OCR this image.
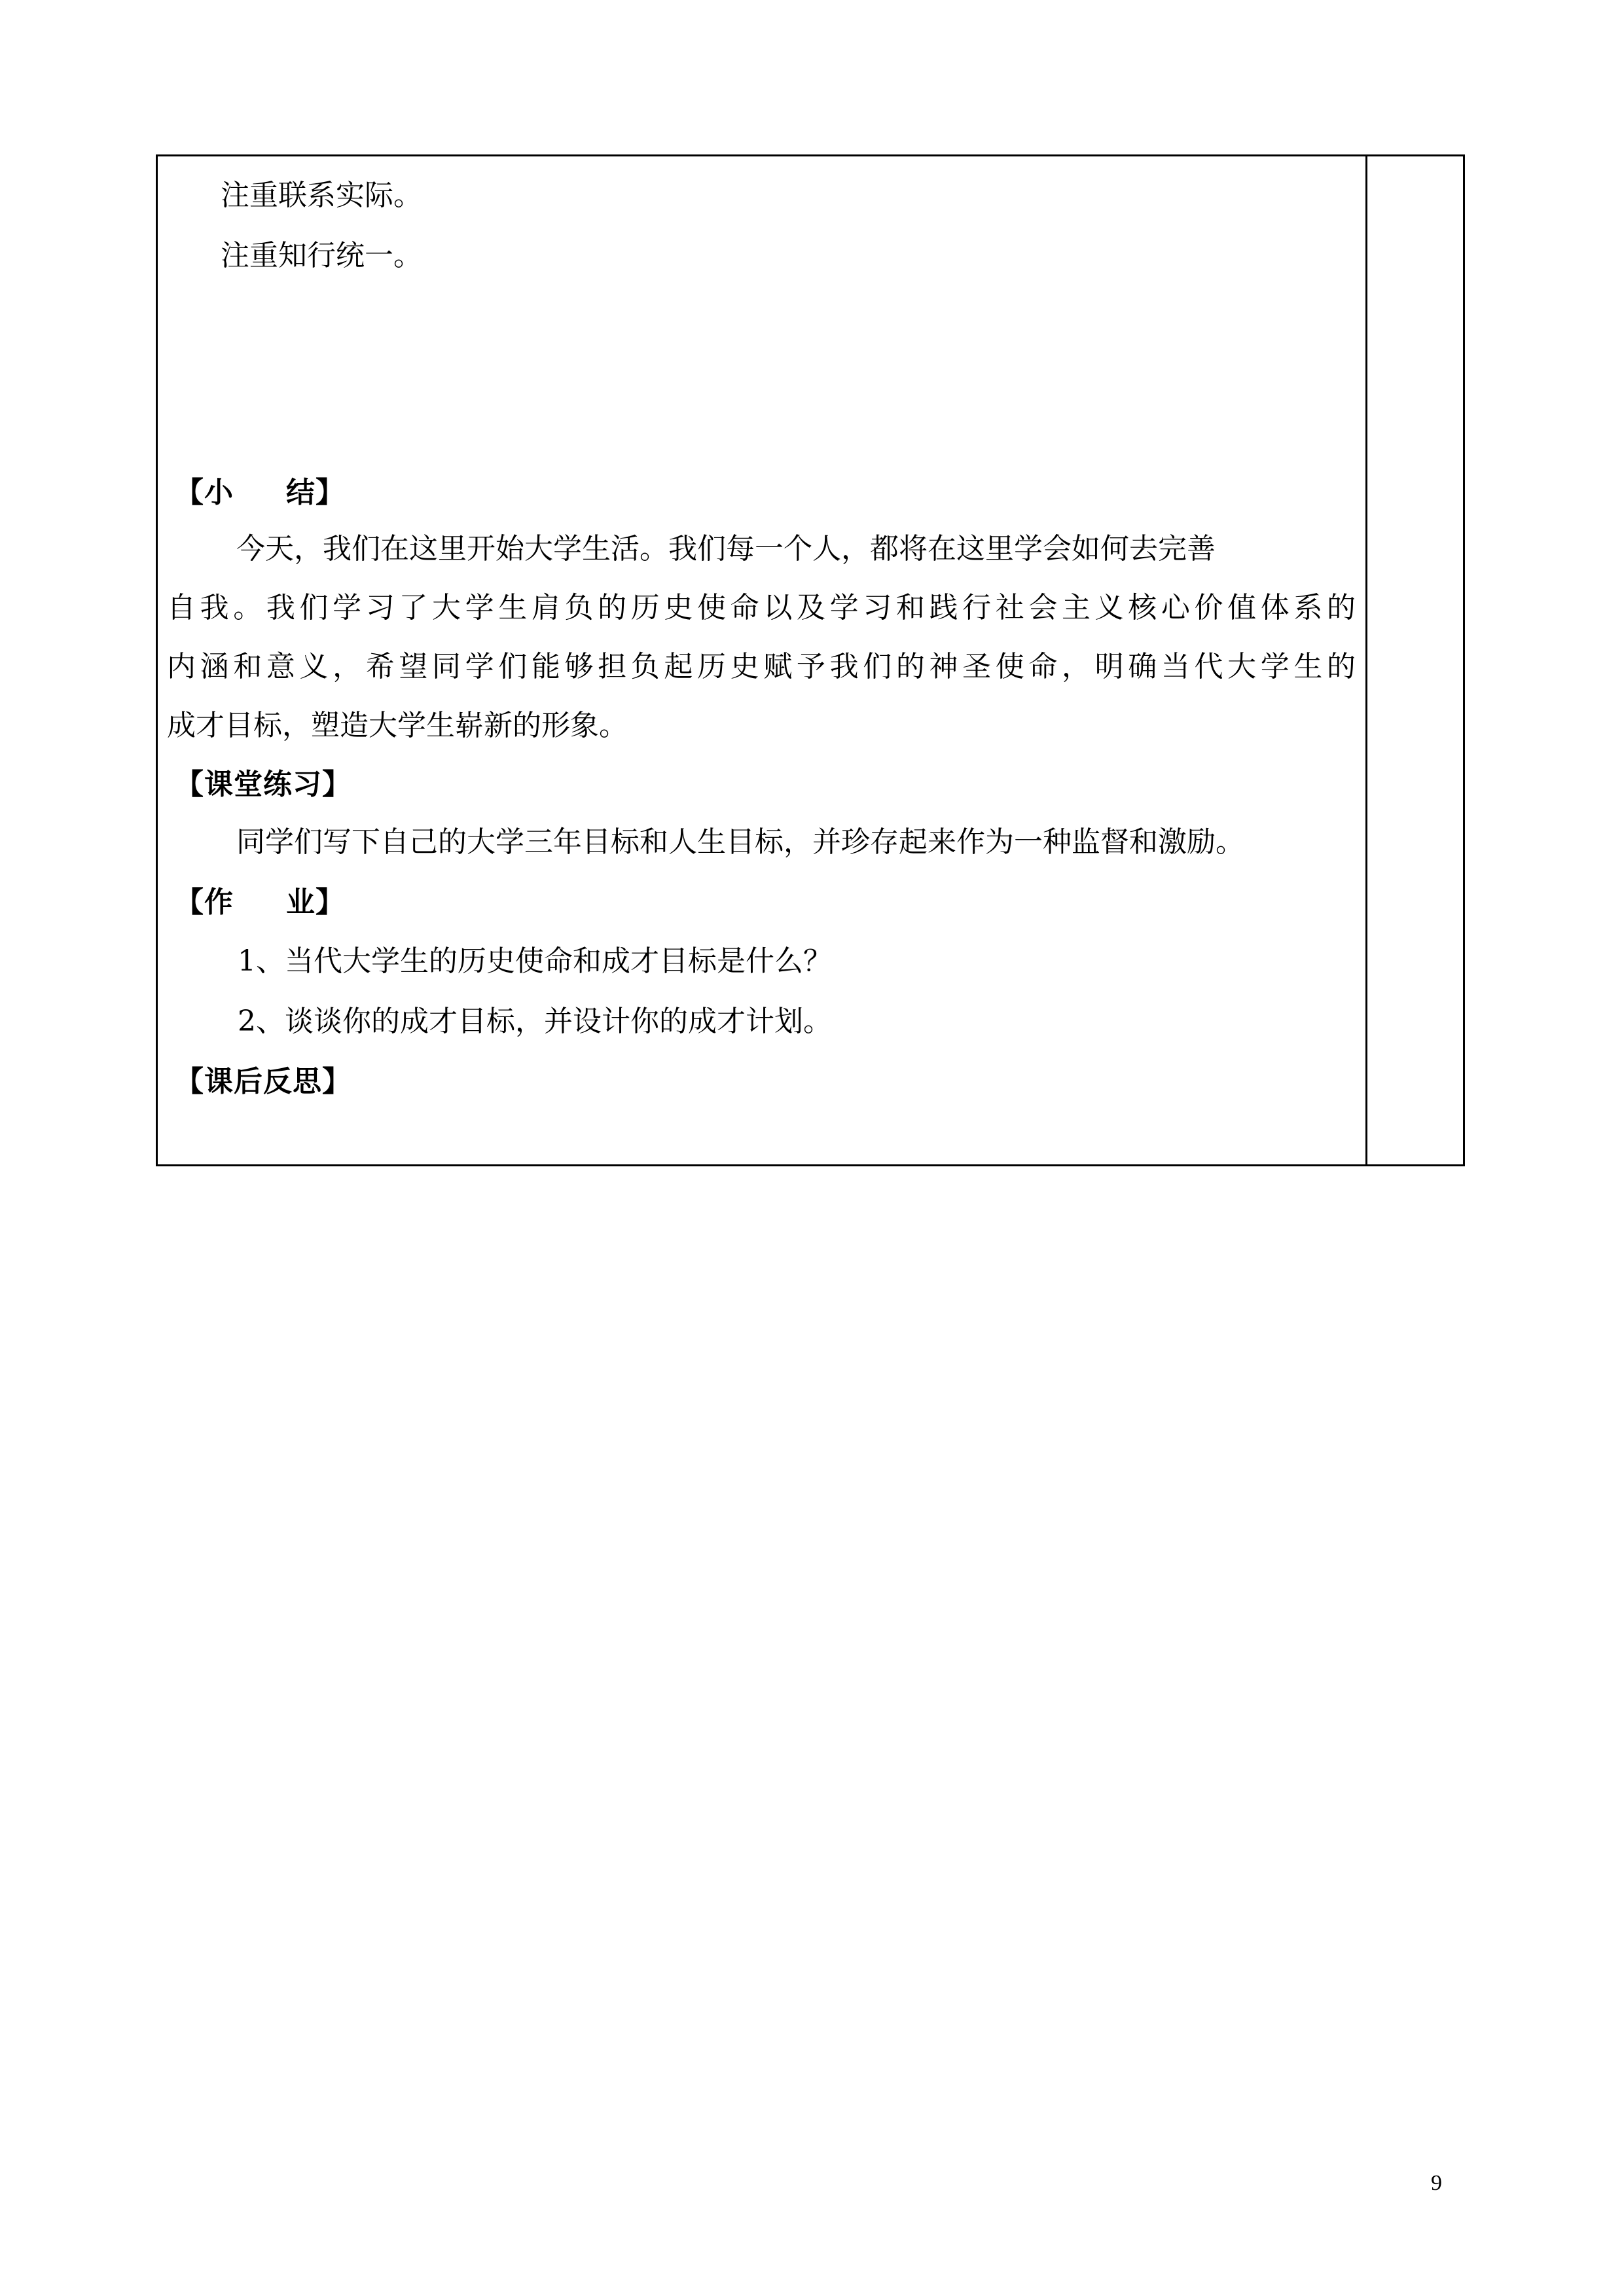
注重联系实际。

注重知行统一。

【小 结】

今天，我们在这里开始大学生活。我们每一个人，都将在这里学会如何去完善

自我。我们学习了大学生肩负的历史使命以及学习和践行社会主义核心价值体系的

内涵和意义，希望同学们能够担负起历史赋予我们的神圣使命，明确当代大学生的

成才目标，塑造大学生崭新的形象。

【课堂练习】

同学们写下自己的大学三年目标和人生目标，并珍存起来作为一种监督和激励。

【作 业】

1、当代大学生的历史使命和成才目标是什么？

2、谈谈你的成才目标，并设计你的成才计划。

【课后反思】

9
